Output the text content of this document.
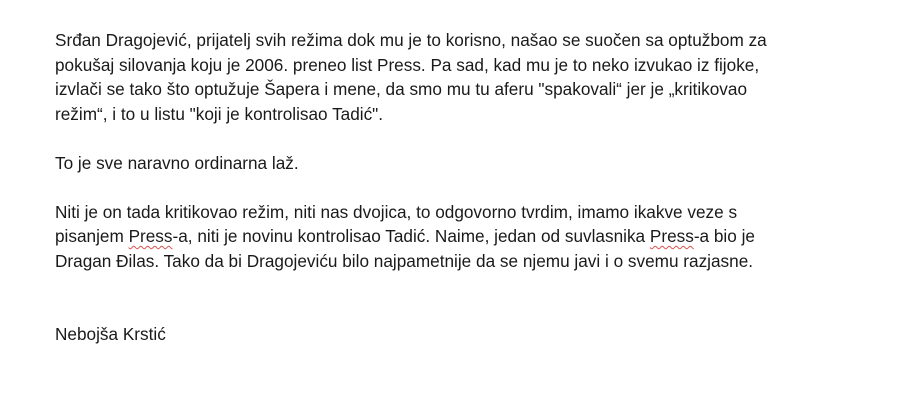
Srđan Dragojević, prijatelj svih režima dok mu je to korisno, našao se suočen sa optužbom za
pokušaj silovanja koju je 2006. preneo list Press. Pa sad, kad mu je to neko izvukao iz fijoke,
izvlači se tako što optužuje Šapera i mene, da smo mu tu aferu "spakovali“ jer je „kritikovao
režim“, i to u listu "koji je kontrolisao Tadić".

To je sve naravno ordinarna laž.

Niti je on tada kritikovao režim, niti nas dvojica, to odgovorno tvrdim, imamo ikakve veze s
pisanjem Press-a, niti je novinu kontrolisao Tadić. Naime, jedan od suvlasnika Press-a bio je
Dragan Đilas. Tako da bi Dragojeviću bilo najpametnije da se njemu javi i o svemu razjasne.

Nebojša Krstić
